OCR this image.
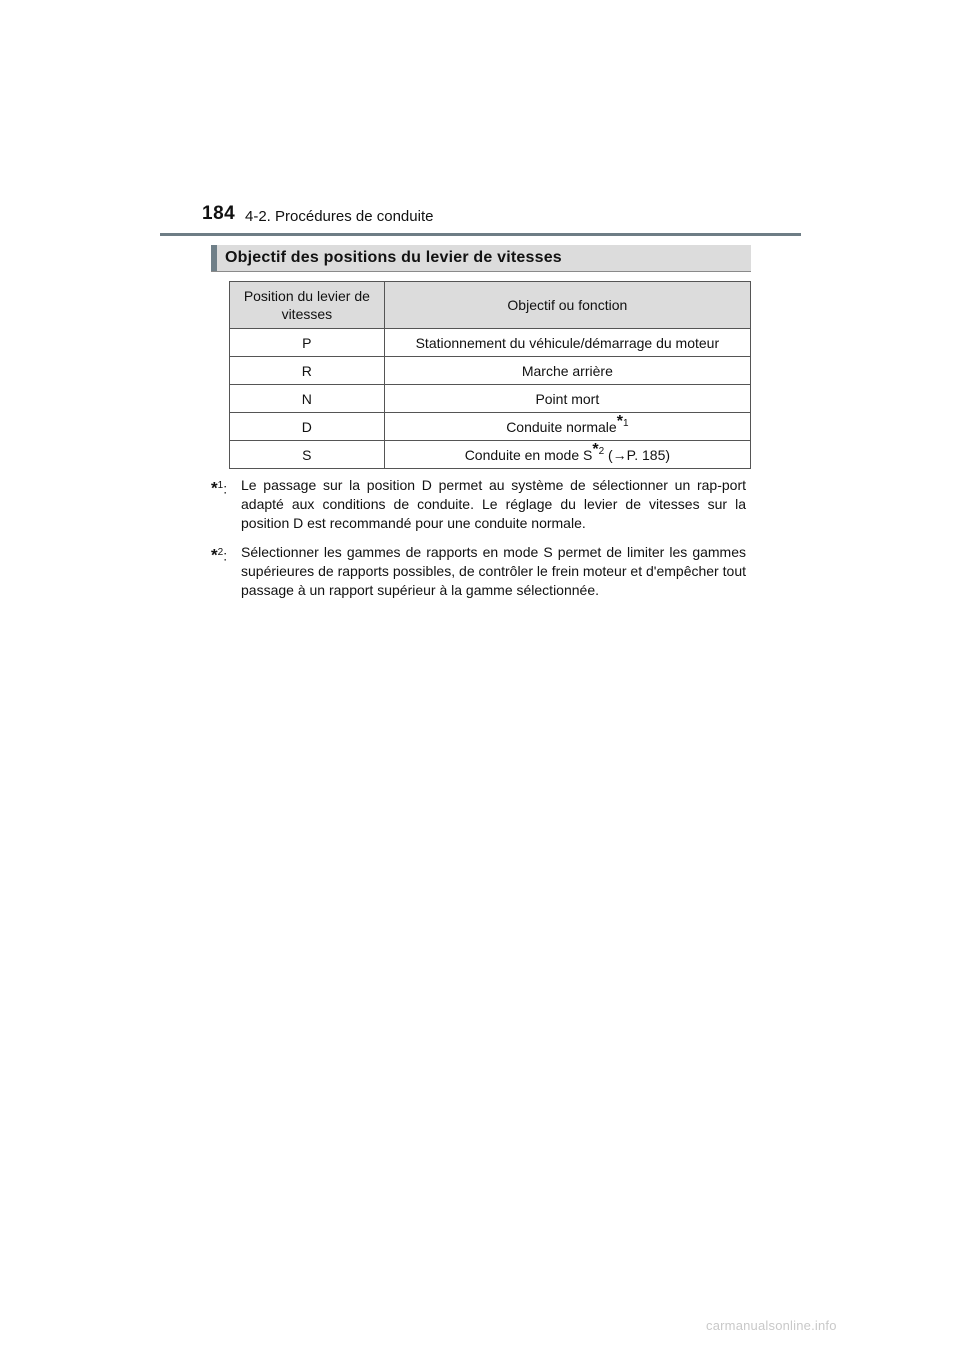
184 4-2. Procédures de conduite
Objectif des positions du levier de vitesses
Position du levier de vitesses	Objectif ou fonction
P	Stationnement du véhicule/démarrage du moteur
R	Marche arrière
N	Point mort
D	Conduite normale$^{*1}$
S	Conduite en mode $S^{*2}$ (→P. 185)
*$^1$: Le passage sur la position D permet au système de sélectionner un rap-port adapté aux conditions de conduite. Le réglage du levier de vitesses sur la position D est recommandé pour une conduite normale.
*$^2$: Sélectionner les gammes de rapports en mode S permet de limiter les gammes supérieures de rapports possibles, de contrôler le frein moteur et d'empêcher tout passage à un rapport supérieur à la gamme sélectionnée.
carmanualsonline.info
